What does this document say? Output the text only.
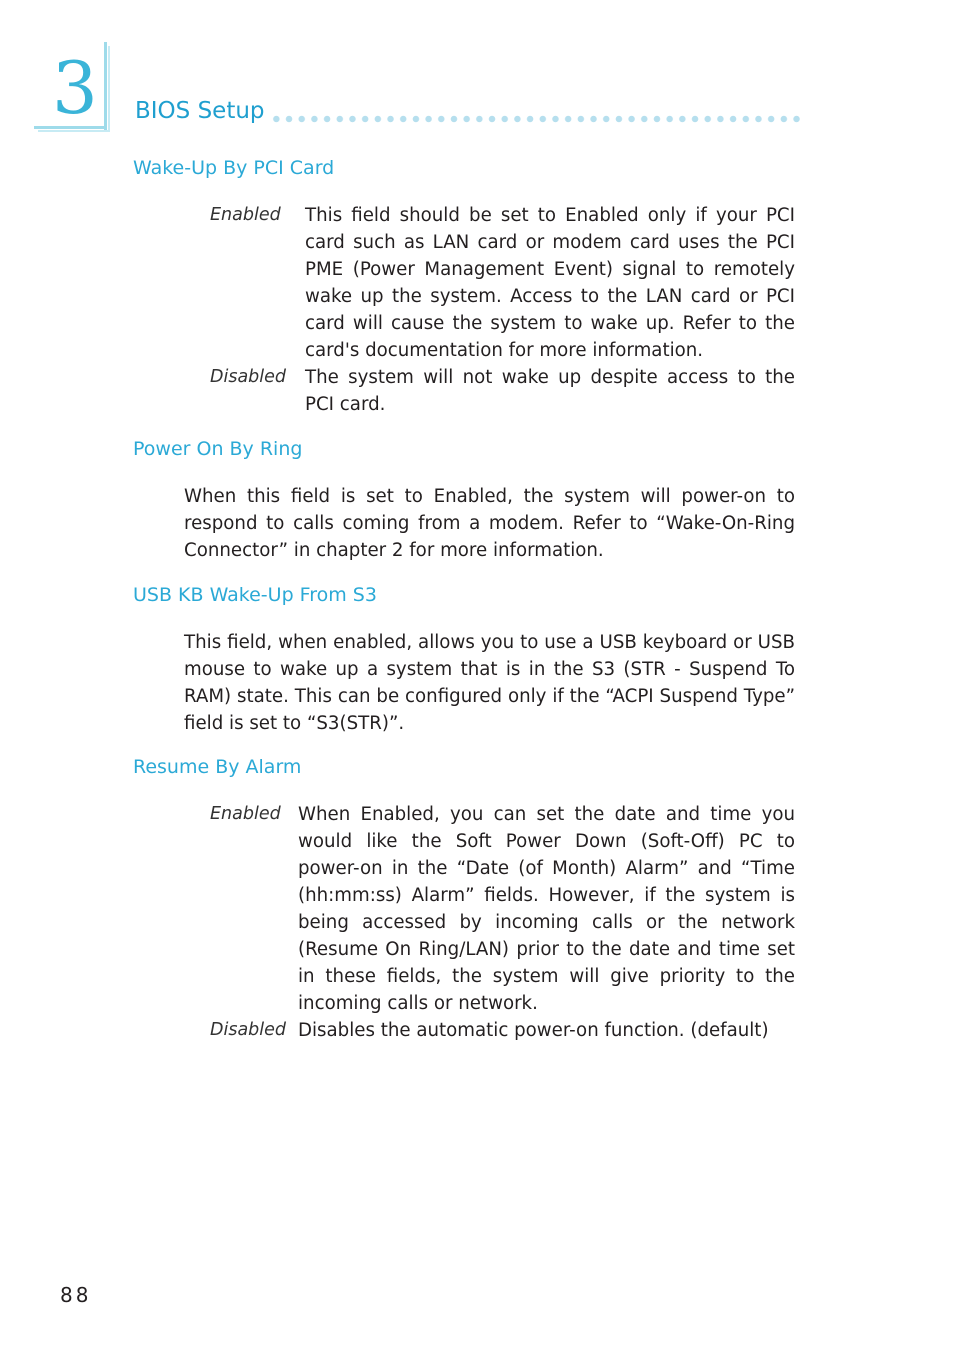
3 BIOS Setup
Wake-Up By PCI Card
Enabled This field should be set to Enabled only if your PCI card such as LAN card or modem card uses the PCI PME (Power Management Event) signal to remotely wake up the system. Access to the LAN card or PCI card will cause the system to wake up. Refer to the card's documentation for more information.

Disabled The system will not wake up despite access to the PCI card.

Power On By Ring

When this field is set to Enabled, the system will power-on to respond to calls coming from a modem. Refer to “Wake-On-Ring Connector” in chapter 2 for more information.

USB KB Wake-Up From S3

This field, when enabled, allows you to use a USB keyboard or USB mouse to wake up a system that is in the S3 (STR - Suspend To RAM) state. This can be configured only if the “ACPI Suspend Type” field is set to “S3(STR)”.

Resume By Alarm
Enabled When Enabled, you can set the date and time you would like the Soft Power Down (Soft-Off) PC to power-on in the “Date (of Month) Alarm” and “Time (hh:mm:ss) Alarm” fields. However, if the system is being accessed by incoming calls or the network (Resume On Ring/LAN) prior to the date and time set in these fields, the system will give priority to the incoming calls or network.

Disabled Disables the automatic power-on function. (default)

88
